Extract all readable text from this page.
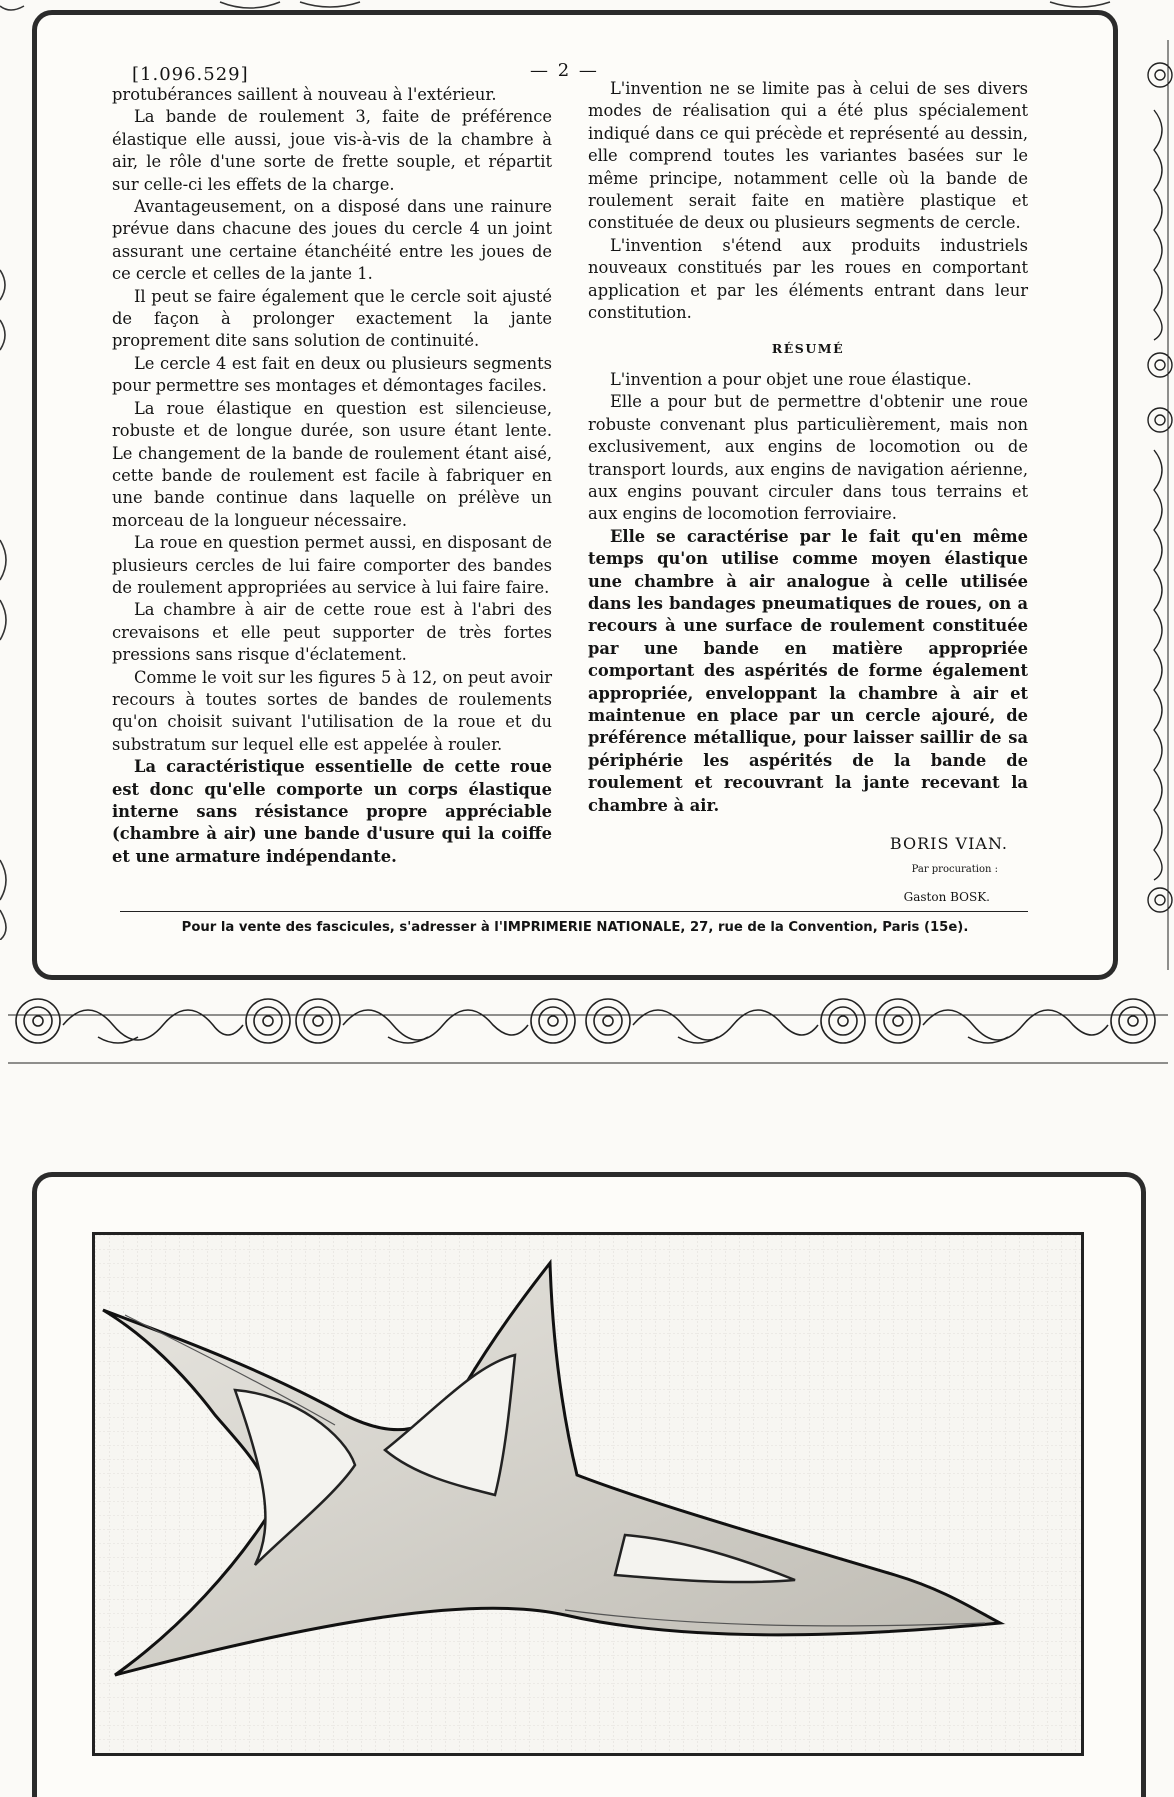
[1.096.529]	— 2 —

protubérances saillent à nouveau à l'extérieur.

La bande de roulement 3, faite de préférence élastique elle aussi, joue vis-à-vis de la chambre à air, le rôle d'une sorte de frette souple, et répartit sur celle-ci les effets de la charge.

Avantageusement, on a disposé dans une rainure prévue dans chacune des joues du cercle 4 un joint assurant une certaine étanchéité entre les joues de ce cercle et celles de la jante 1.

Il peut se faire également que le cercle soit ajusté de façon à prolonger exactement la jante proprement dite sans solution de continuité.

Le cercle 4 est fait en deux ou plusieurs segments pour permettre ses montages et démontages faciles.

La roue élastique en question est silencieuse, robuste et de longue durée, son usure étant lente. Le changement de la bande de roulement étant aisé, cette bande de roulement est facile à fabriquer en une bande continue dans laquelle on prélève un morceau de la longueur nécessaire.

La roue en question permet aussi, en disposant de plusieurs cercles de lui faire comporter des bandes de roulement appropriées au service à lui faire faire.

La chambre à air de cette roue est à l'abri des crevaisons et elle peut supporter de très fortes pressions sans risque d'éclatement.

Comme le voit sur les figures 5 à 12, on peut avoir recours à toutes sortes de bandes de roulements qu'on choisit suivant l'utilisation de la roue et du substratum sur lequel elle est appelée à rouler.

La caractéristique essentielle de cette roue est donc qu'elle comporte un corps élastique interne sans résistance propre appréciable (chambre à air) une bande d'usure qui la coiffe et une armature indépendante.

L'invention ne se limite pas à celui de ses divers modes de réalisation qui a été plus spécialement indiqué dans ce qui précède et représenté au dessin, elle comprend toutes les variantes basées sur le même principe, notamment celle où la bande de roulement serait faite en matière plastique et constituée de deux ou plusieurs segments de cercle.

L'invention s'étend aux produits industriels nouveaux constitués par les roues en comportant application et par les éléments entrant dans leur constitution.

RÉSUMÉ

L'invention a pour objet une roue élastique.

Elle a pour but de permettre d'obtenir une roue robuste convenant plus particulièrement, mais non exclusivement, aux engins de locomotion ou de transport lourds, aux engins de navigation aérienne, aux engins pouvant circuler dans tous terrains et aux engins de locomotion ferroviaire.

Elle se caractérise par le fait qu'en même temps qu'on utilise comme moyen élastique une chambre à air analogue à celle utilisée dans les bandages pneumatiques de roues, on a recours à une surface de roulement constituée par une bande en matière appropriée comportant des aspérités de forme également appropriée, enveloppant la chambre à air et maintenue en place par un cercle ajouré, de préférence métallique, pour laisser saillir de sa périphérie les aspérités de la bande de roulement et recouvrant la jante recevant la chambre à air.

BORIS VIAN.
Par procuration :
Gaston BOSK.
Pour la vente des fascicules, s'adresser à l'IMPRIMERIE NATIONALE, 27, rue de la Convention, Paris (15e).
